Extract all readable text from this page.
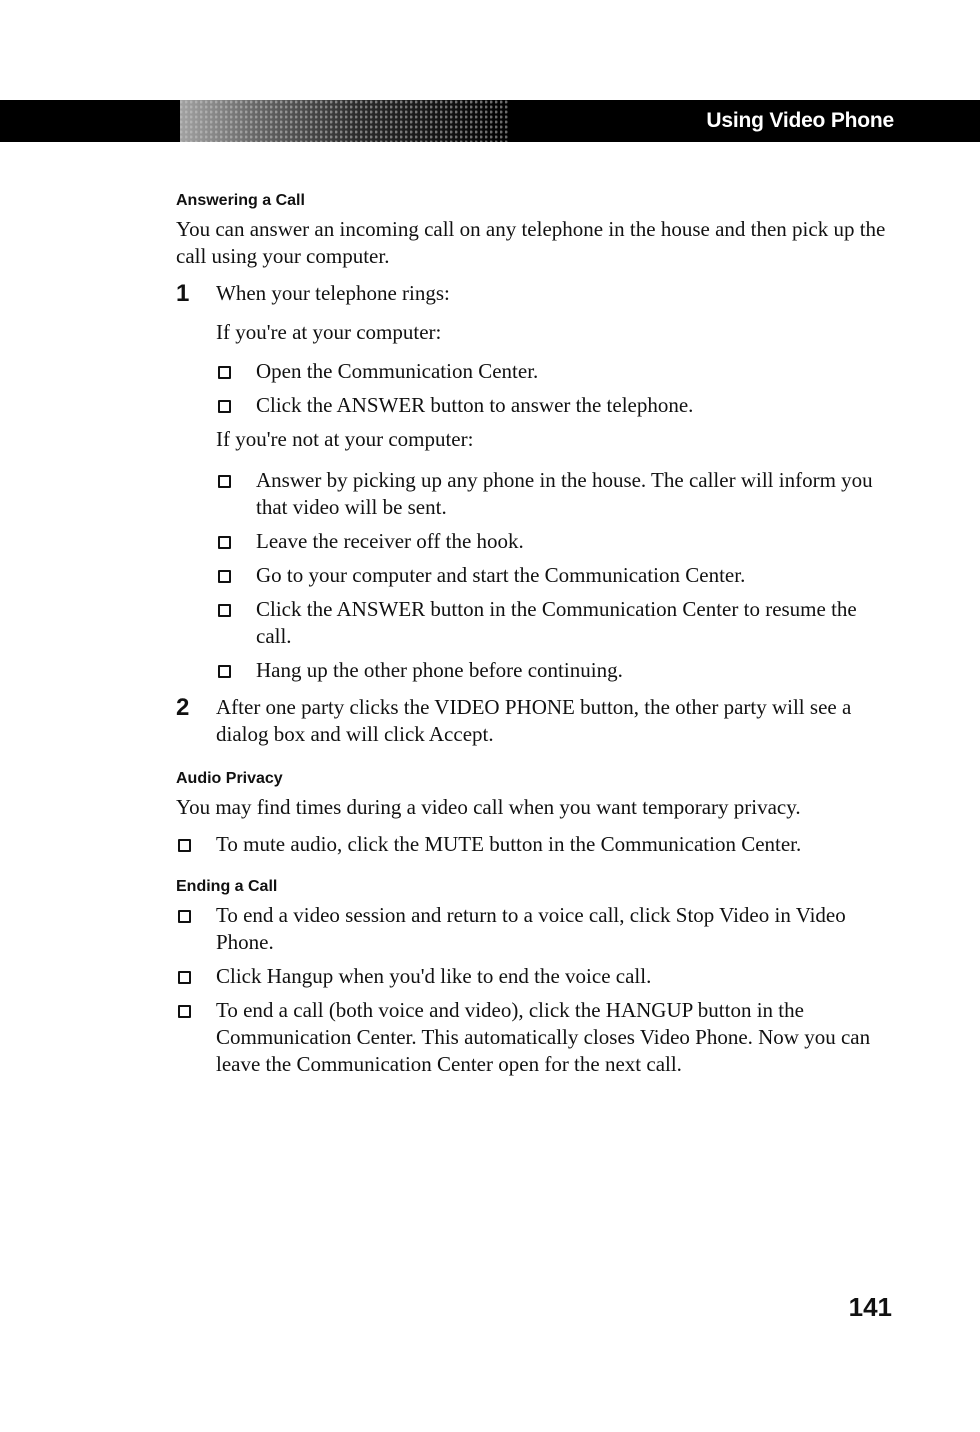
Using Video Phone
Answering a Call

You can answer an incoming call on any telephone in the house and then pick up the call using your computer.

1 When your telephone rings:

If you're at your computer:

Open the Communication Center.

Click the ANSWER button to answer the telephone.

If you're not at your computer:

Answer by picking up any phone in the house. The caller will inform you that video will be sent.

Leave the receiver off the hook.

Go to your computer and start the Communication Center.

Click the ANSWER button in the Communication Center to resume the call.

Hang up the other phone before continuing.

2 After one party clicks the VIDEO PHONE button, the other party will see a dialog box and will click Accept.

Audio Privacy

You may find times during a video call when you want temporary privacy.

To mute audio, click the MUTE button in the Communication Center.

Ending a Call

To end a video session and return to a voice call, click Stop Video in Video Phone.

Click Hangup when you'd like to end the voice call.

To end a call (both voice and video), click the HANGUP button in the Communication Center. This automatically closes Video Phone. Now you can leave the Communication Center open for the next call.

141
